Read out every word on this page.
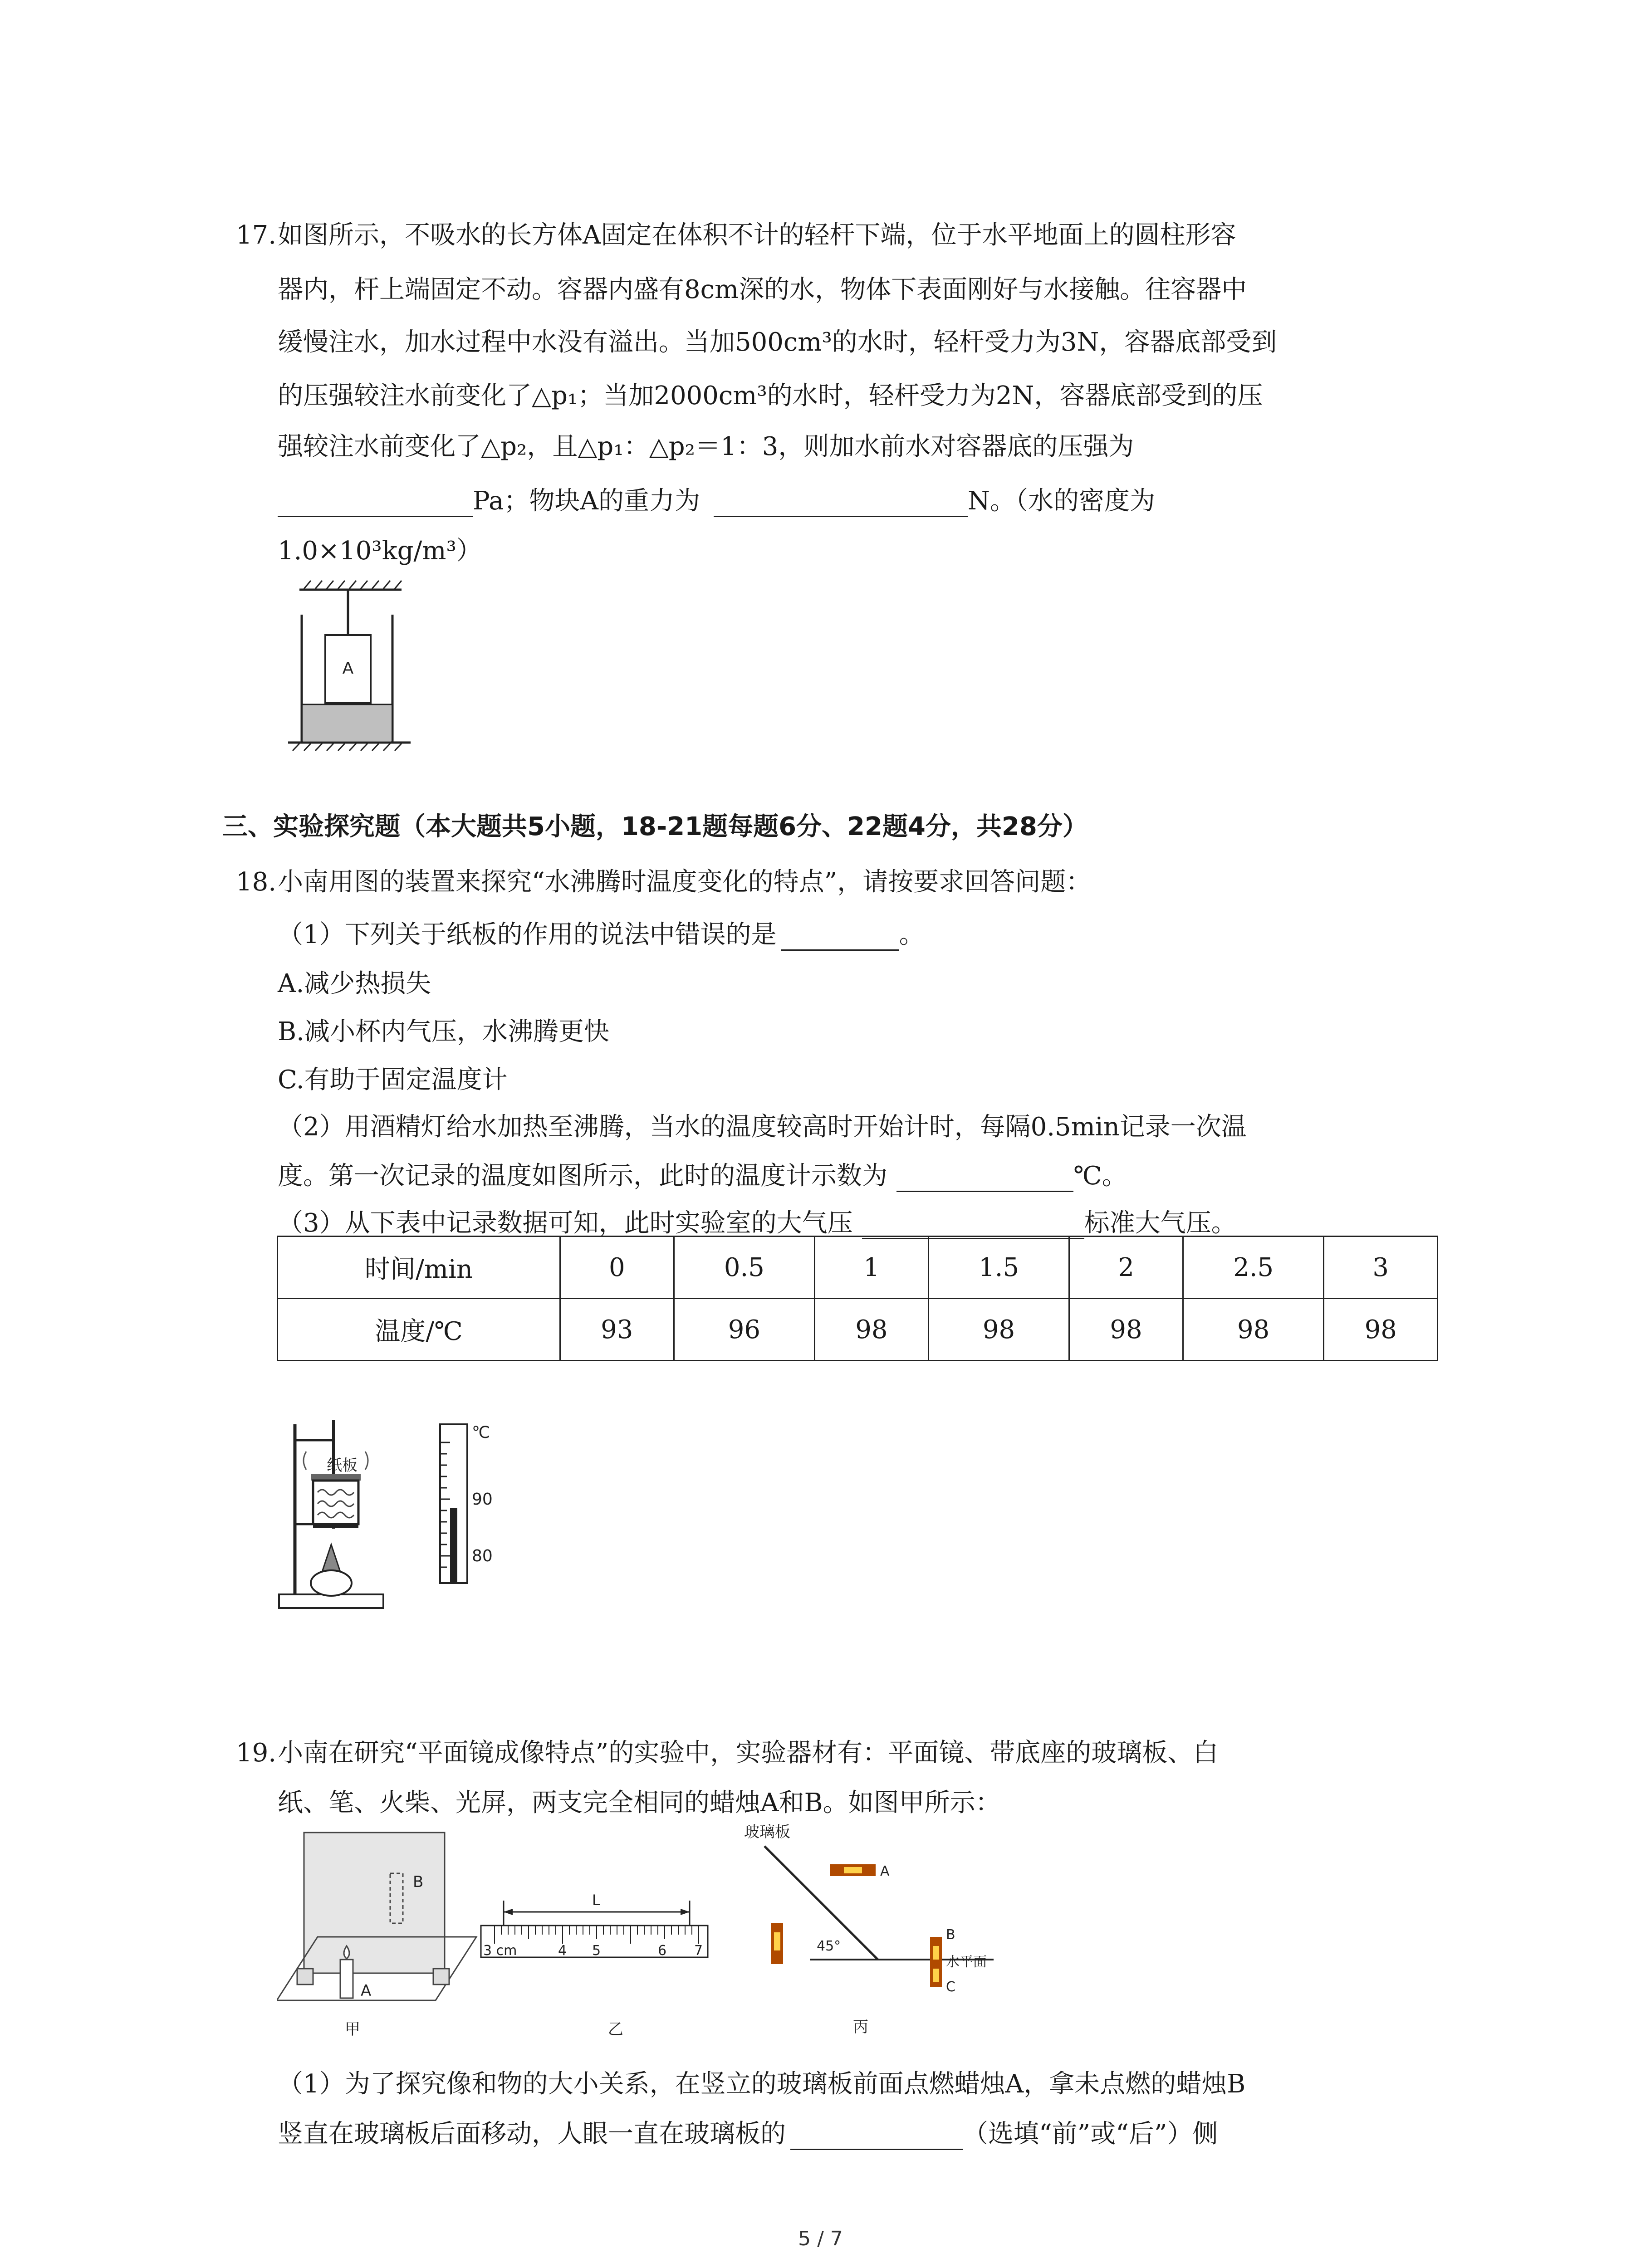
17. 如图所示，不吸水的长方体A固定在体积不计的轻杆下端，位于水平地面上的圆柱形容
器内，杆上端固定不动。容器内盛有8cm深的水，物体下表面刚好与水接触。往容器中
缓慢注水，加水过程中水没有溢出。当加500cm³的水时，轻杆受力为3N，容器底部受到
的压强较注水前变化了△p₁；当加2000cm³的水时，轻杆受力为2N，容器底部受到的压
强较注水前变化了△p₂，且△p₁：△p₂＝1：3，则加水前水对容器底的压强为
Pa；物块A的重力为	N。（水的密度为
1.0×10³kg/m³）
A
三、实验探究题（本大题共5小题，18-21题每题6分、22题4分，共28分）
18. 小南用图的装置来探究“水沸腾时温度变化的特点”，请按要求回答问题：
（1）下列关于纸板的作用的说法中错误的是	。
A.减少热损失
B.减小杯内气压，水沸腾更快
C.有助于固定温度计
（2）用酒精灯给水加热至沸腾，当水的温度较高时开始计时，每隔0.5min记录一次温
度。第一次记录的温度如图所示，此时的温度计示数为	℃。
（3）从下表中记录数据可知，此时实验室的大气压	标准大气压。
时间/min	0	0.5	1	1.5	2	2.5	3
温度/℃	93	96	98	98	98	98	98
纸板
℃
90
80
19. 小南在研究“平面镜成像特点”的实验中，实验器材有：平面镜、带底座的玻璃板、白
纸、笔、火柴、光屏，两支完全相同的蜡烛A和B。如图甲所示：
B
A
甲
L
3 cm	4 5	6 7
乙
玻璃板
45°
A
B
水平面
C
丙
（1）为了探究像和物的大小关系，在竖立的玻璃板前面点燃蜡烛A，拿未点燃的蜡烛B
竖直在玻璃板后面移动，人眼一直在玻璃板的	（选填“前”或“后”）侧
5 / 7
